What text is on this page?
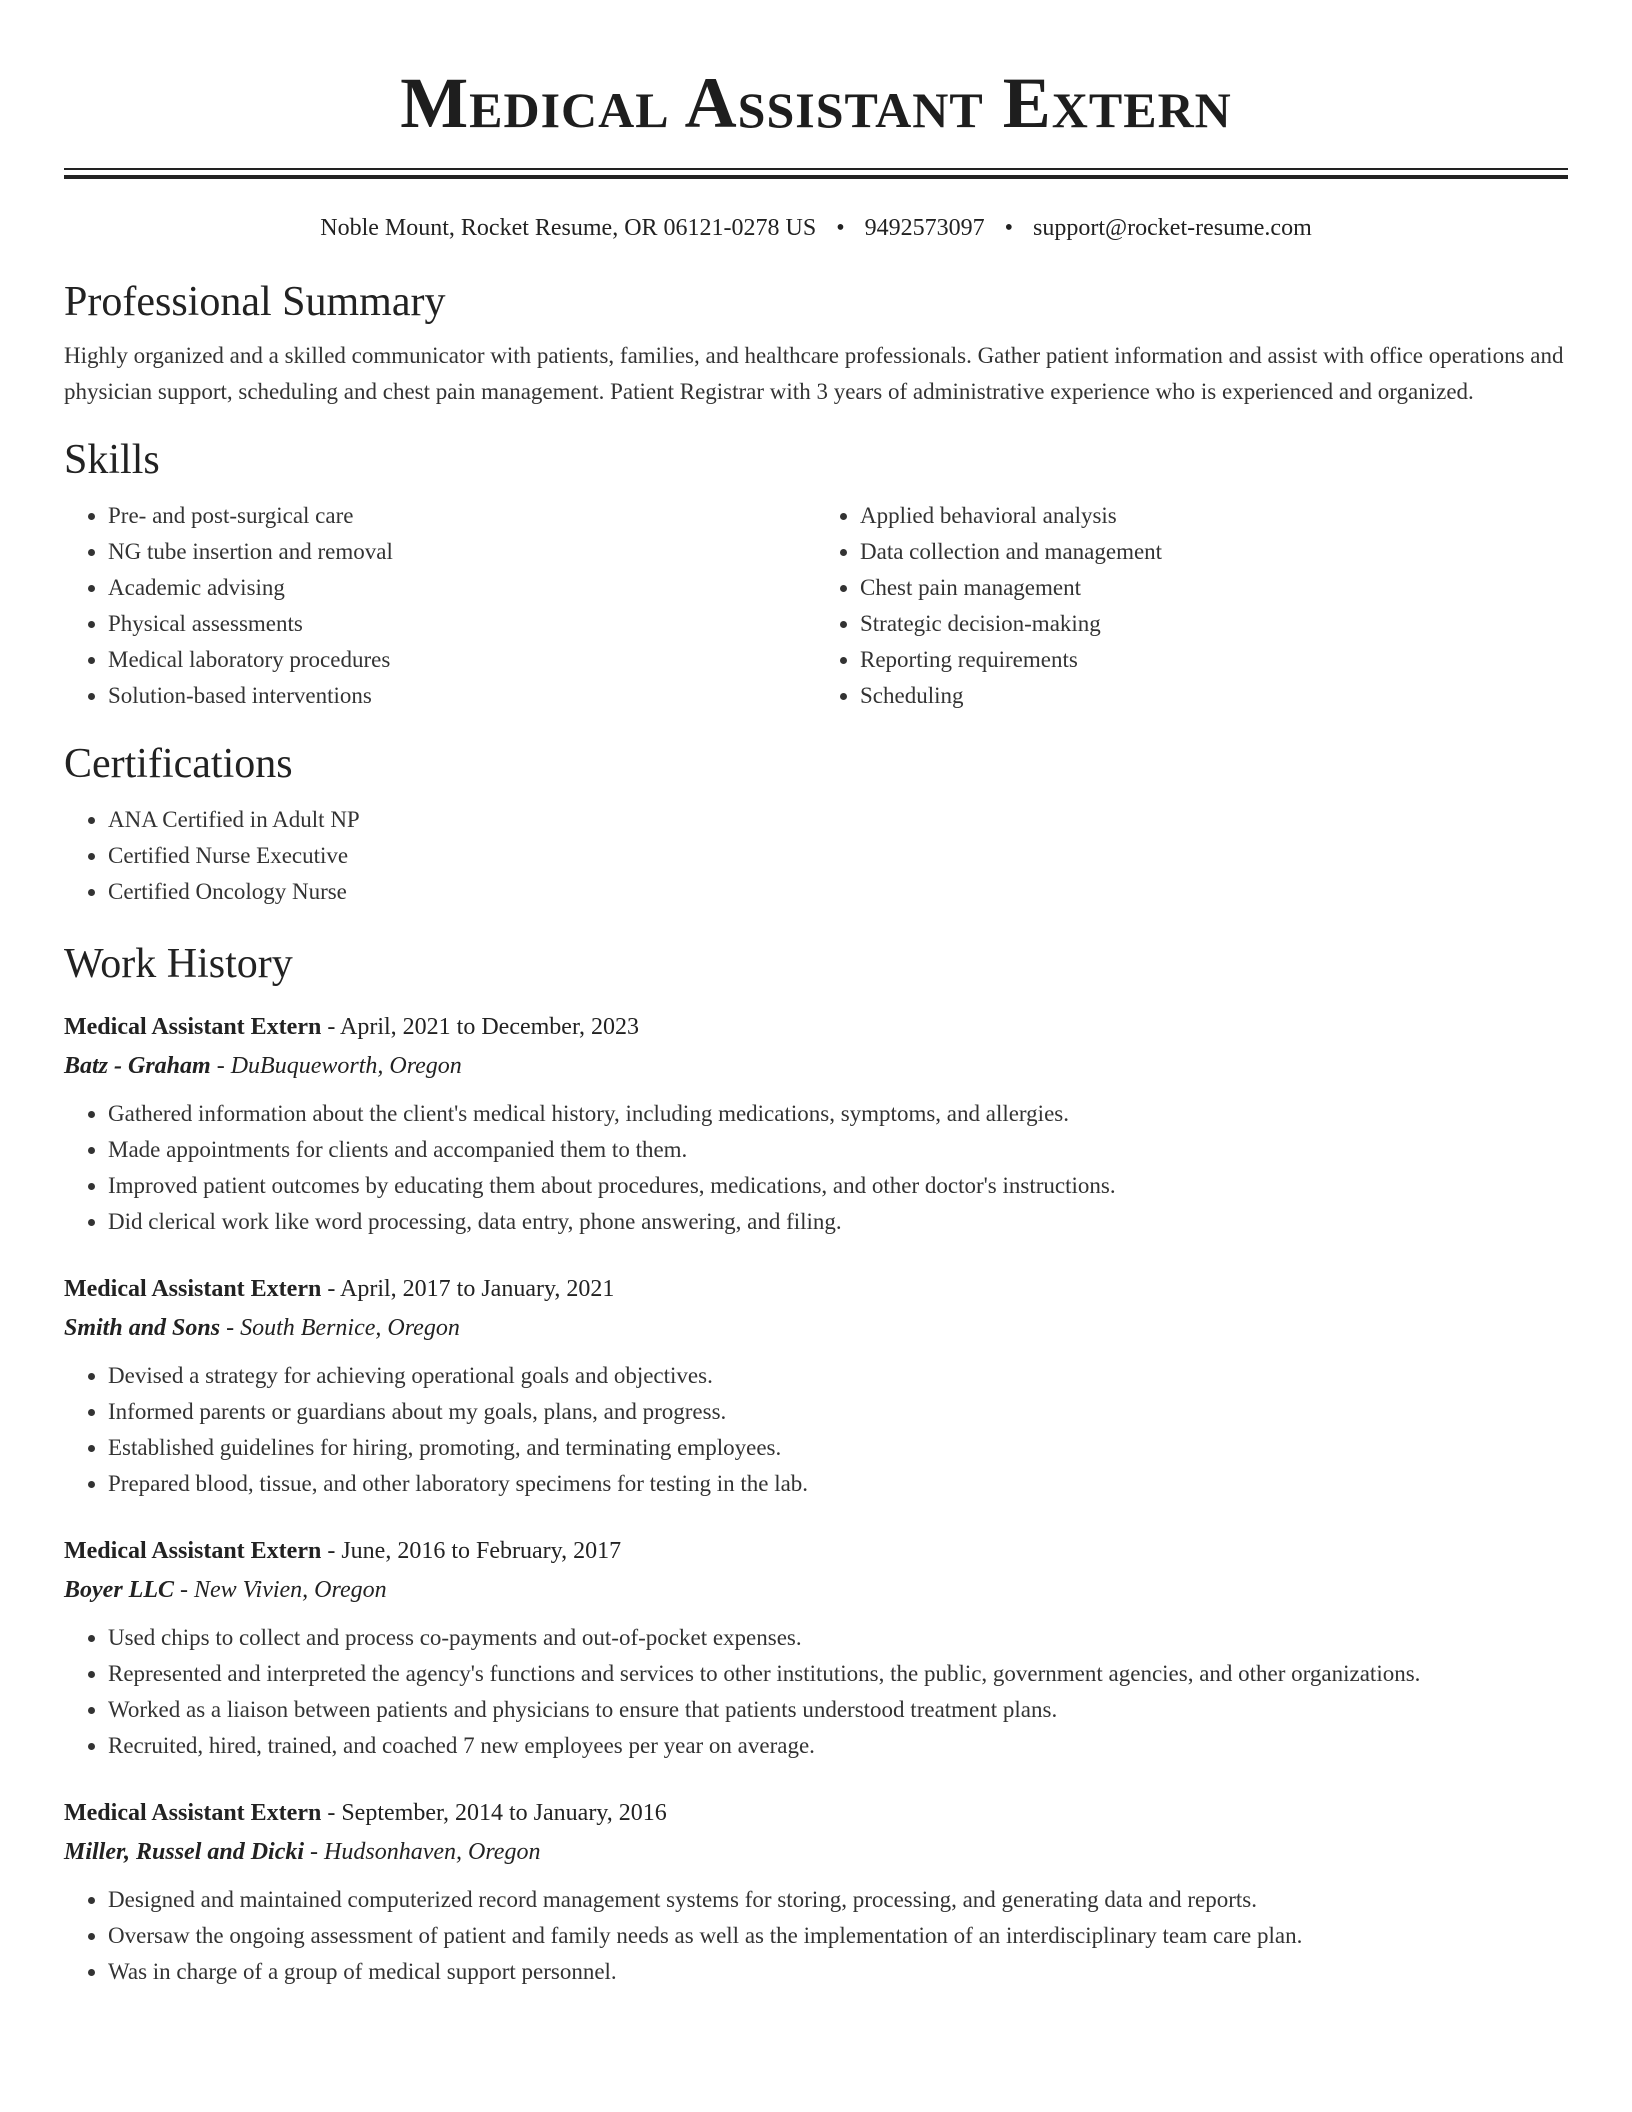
Medical Assistant Extern
Noble Mount, Rocket Resume, OR 06121-0278 US • 9492573097 • support@rocket-resume.com
Professional Summary

Highly organized and a skilled communicator with patients, families, and healthcare professionals. Gather patient information and assist with office operations and physician support, scheduling and chest pain management. Patient Registrar with 3 years of administrative experience who is experienced and organized.

Skills
• Pre- and post-surgical care
• NG tube insertion and removal
• Academic advising
• Physical assessments
• Medical laboratory procedures
• Solution-based interventions
• Applied behavioral analysis
• Data collection and management
• Chest pain management
• Strategic decision-making
• Reporting requirements
• Scheduling
Certifications
• ANA Certified in Adult NP
• Certified Nurse Executive
• Certified Oncology Nurse
Work History
Medical Assistant Extern - April, 2021 to December, 2023
Batz - Graham - DuBuqueworth, Oregon
• Gathered information about the client's medical history, including medications, symptoms, and allergies.
• Made appointments for clients and accompanied them to them.
• Improved patient outcomes by educating them about procedures, medications, and other doctor's instructions.
• Did clerical work like word processing, data entry, phone answering, and filing.
Medical Assistant Extern - April, 2017 to January, 2021
Smith and Sons - South Bernice, Oregon
• Devised a strategy for achieving operational goals and objectives.
• Informed parents or guardians about my goals, plans, and progress.
• Established guidelines for hiring, promoting, and terminating employees.
• Prepared blood, tissue, and other laboratory specimens for testing in the lab.
Medical Assistant Extern - June, 2016 to February, 2017
Boyer LLC - New Vivien, Oregon
• Used chips to collect and process co-payments and out-of-pocket expenses.
• Represented and interpreted the agency's functions and services to other institutions, the public, government agencies, and other organizations.
• Worked as a liaison between patients and physicians to ensure that patients understood treatment plans.
• Recruited, hired, trained, and coached 7 new employees per year on average.
Medical Assistant Extern - September, 2014 to January, 2016
Miller, Russel and Dicki - Hudsonhaven, Oregon
• Designed and maintained computerized record management systems for storing, processing, and generating data and reports.
• Oversaw the ongoing assessment of patient and family needs as well as the implementation of an interdisciplinary team care plan.
• Was in charge of a group of medical support personnel.
